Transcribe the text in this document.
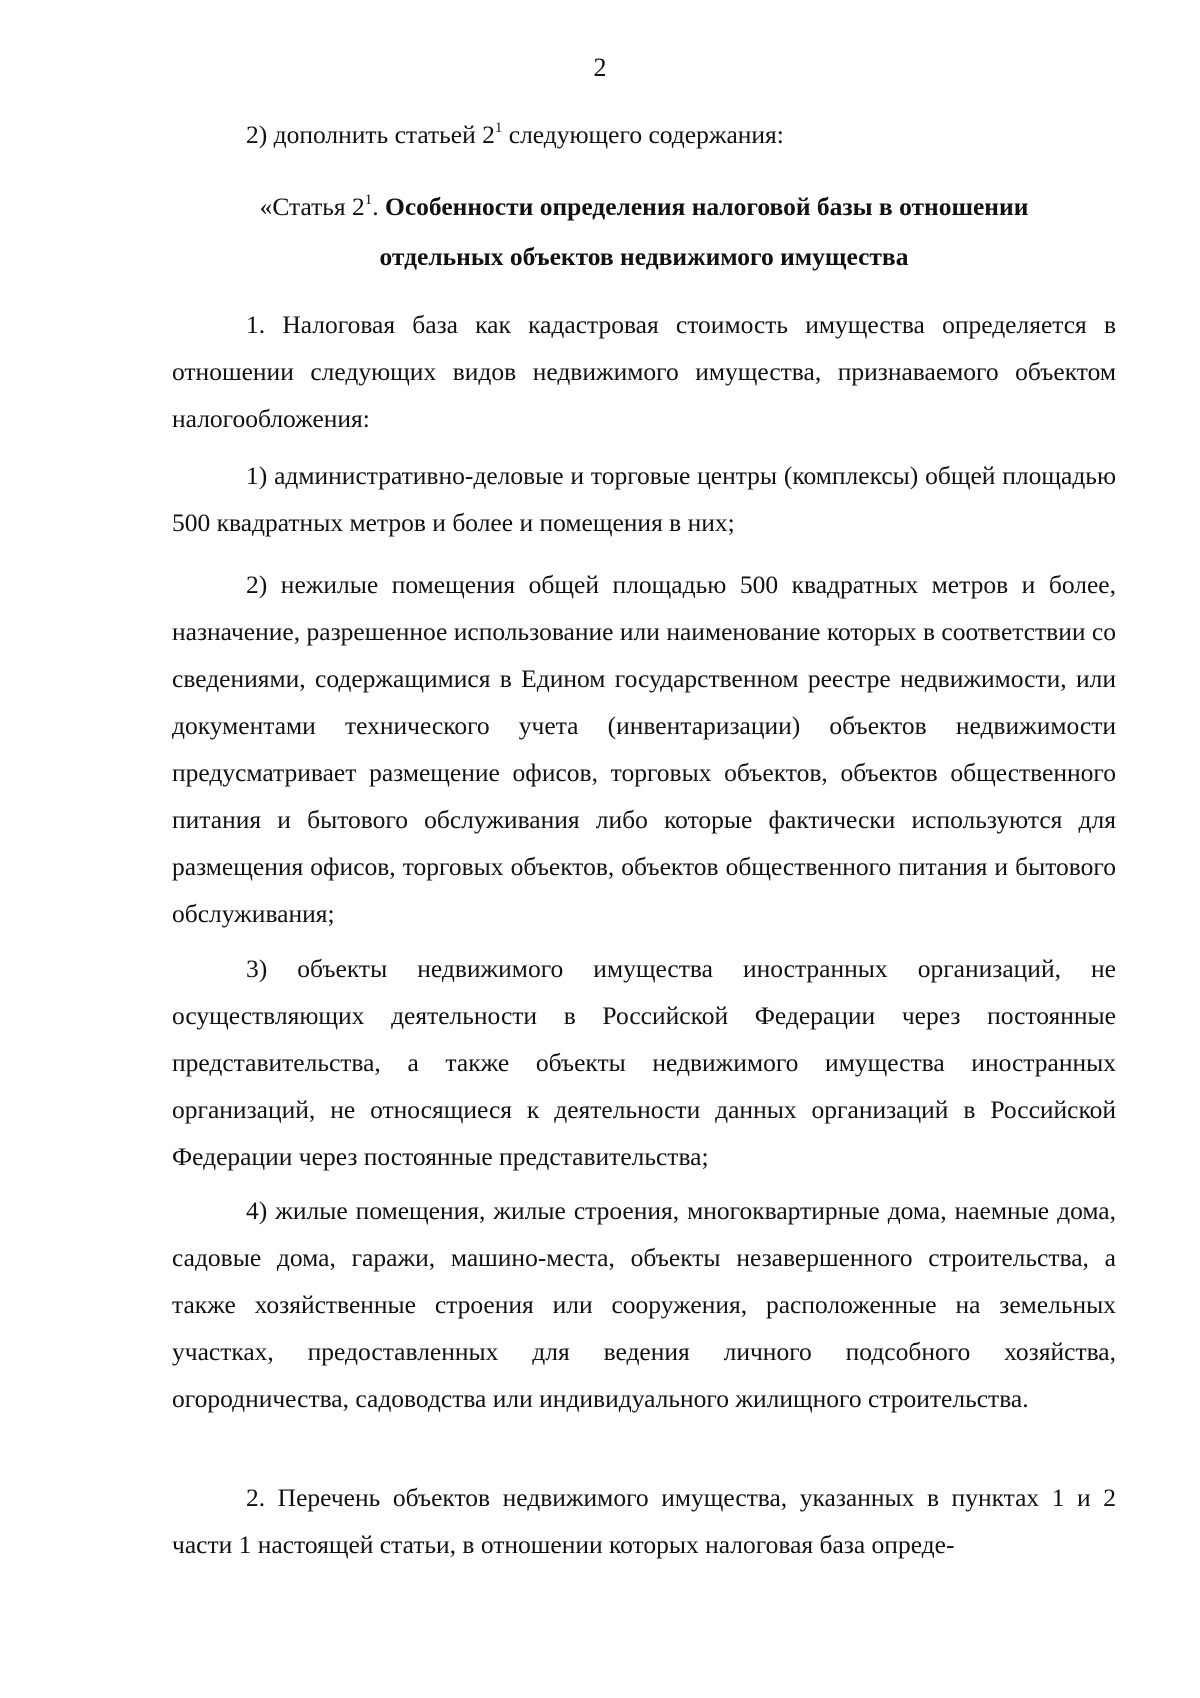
2

2) дополнить статьей $2^1$ следующего содержания:

«Статья $2^1$. Особенности определения налоговой базы в отношении
отдельных объектов недвижимого имущества

1. Налоговая база как кадастровая стоимость имущества определяется в отношении следующих видов недвижимого имущества, признаваемого объектом налогообложения:

1) административно-деловые и торговые центры (комплексы) общей площадью 500 квадратных метров и более и помещения в них;

2) нежилые помещения общей площадью 500 квадратных метров и более, назначение, разрешенное использование или наименование которых в соответствии со сведениями, содержащимися в Едином государственном реестре недвижимости, или документами технического учета (инвентаризации) объектов недвижимости предусматривает размещение офисов, торговых объектов, объектов общественного питания и бытового обслуживания либо которые фактически используются для размещения офисов, торговых объектов, объектов общественного питания и бытового обслуживания;

3) объекты недвижимого имущества иностранных организаций, не осуществляющих деятельности в Российской Федерации через постоянные представительства, а также объекты недвижимого имущества иностранных организаций, не относящиеся к деятельности данных организаций в Российской Федерации через постоянные представительства;

4) жилые помещения, жилые строения, многоквартирные дома, наемные дома, садовые дома, гаражи, машино-места, объекты незавершенного строительства, а также хозяйственные строения или сооружения, расположенные на земельных участках, предоставленных для ведения личного подсобного хозяйства, огородничества, садоводства или индивидуального жилищного строительства.

2. Перечень объектов недвижимого имущества, указанных в пунктах 1 и 2 части 1 настоящей статьи, в отношении которых налоговая база опреде-
